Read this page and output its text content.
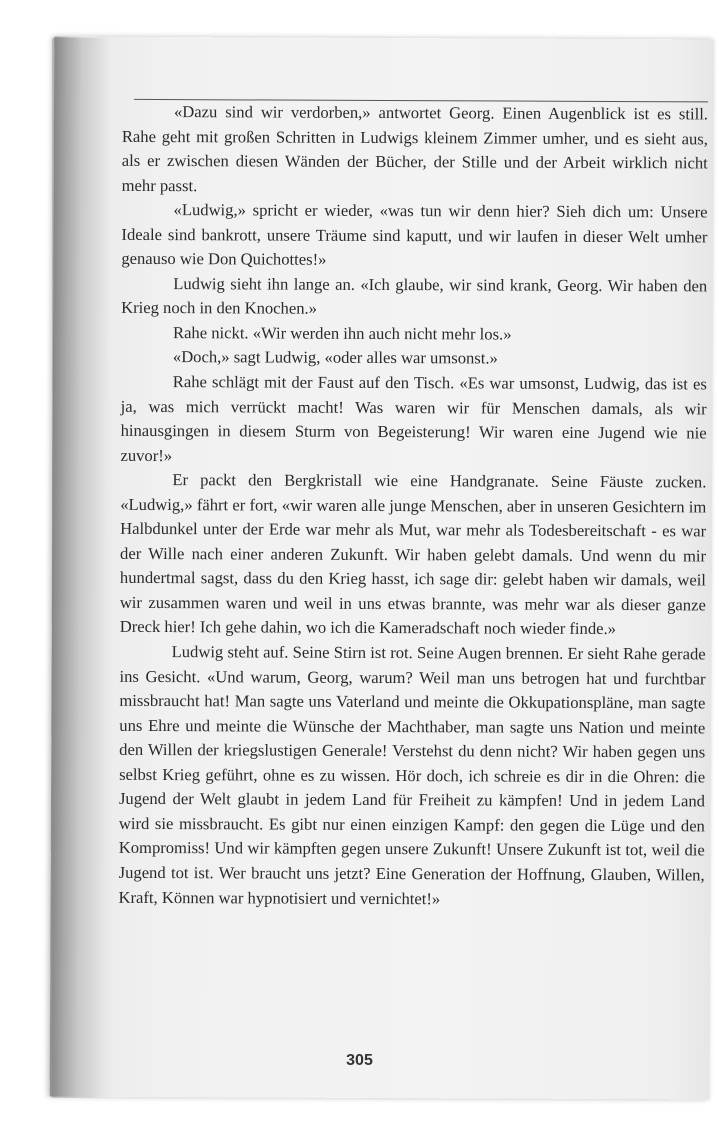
«Dazu sind wir verdorben,» antwortet Georg. Einen Augenblick ist es still. Rahe geht mit großen Schritten in Ludwigs kleinem Zimmer umher, und es sieht aus, als er zwischen diesen Wänden der Bücher, der Stille und der Arbeit wirklich nicht mehr passt.

«Ludwig,» spricht er wieder, «was tun wir denn hier? Sieh dich um: Unsere Ideale sind bankrott, unsere Träume sind kaputt, und wir laufen in dieser Welt umher genauso wie Don Quichottes!»

Ludwig sieht ihn lange an. «Ich glaube, wir sind krank, Georg. Wir haben den Krieg noch in den Knochen.»

Rahe nickt. «Wir werden ihn auch nicht mehr los.»

«Doch,» sagt Ludwig, «oder alles war umsonst.»

Rahe schlägt mit der Faust auf den Tisch. «Es war umsonst, Ludwig, das ist es ja, was mich verrückt macht! Was waren wir für Menschen damals, als wir hinausgingen in diesem Sturm von Begeisterung! Wir waren eine Jugend wie nie zuvor!»

Er packt den Bergkristall wie eine Handgranate. Seine Fäuste zucken. «Ludwig,» fährt er fort, «wir waren alle junge Menschen, aber in unseren Gesichtern im Halbdunkel unter der Erde war mehr als Mut, war mehr als Todesbereitschaft - es war der Wille nach einer anderen Zukunft. Wir haben gelebt damals. Und wenn du mir hundertmal sagst, dass du den Krieg hasst, ich sage dir: gelebt haben wir damals, weil wir zusammen waren und weil in uns etwas brannte, was mehr war als dieser ganze Dreck hier! Ich gehe dahin, wo ich die Kameradschaft noch wieder finde.»

Ludwig steht auf. Seine Stirn ist rot. Seine Augen brennen. Er sieht Rahe gerade ins Gesicht. «Und warum, Georg, warum? Weil man uns betrogen hat und furchtbar missbraucht hat! Man sagte uns Vaterland und meinte die Okkupationspläne, man sagte uns Ehre und meinte die Wünsche der Machthaber, man sagte uns Nation und meinte den Willen der kriegslustigen Generale! Verstehst du denn nicht? Wir haben gegen uns selbst Krieg geführt, ohne es zu wissen. Hör doch, ich schreie es dir in die Ohren: die Jugend der Welt glaubt in jedem Land für Freiheit zu kämpfen! Und in jedem Land wird sie missbraucht. Es gibt nur einen einzigen Kampf: den gegen die Lüge und den Kompromiss! Und wir kämpften gegen unsere Zukunft! Unsere Zukunft ist tot, weil die Jugend tot ist. Wer braucht uns jetzt? Eine Generation der Hoffnung, Glauben, Willen, Kraft, Können war hypnotisiert und vernichtet!»

305
